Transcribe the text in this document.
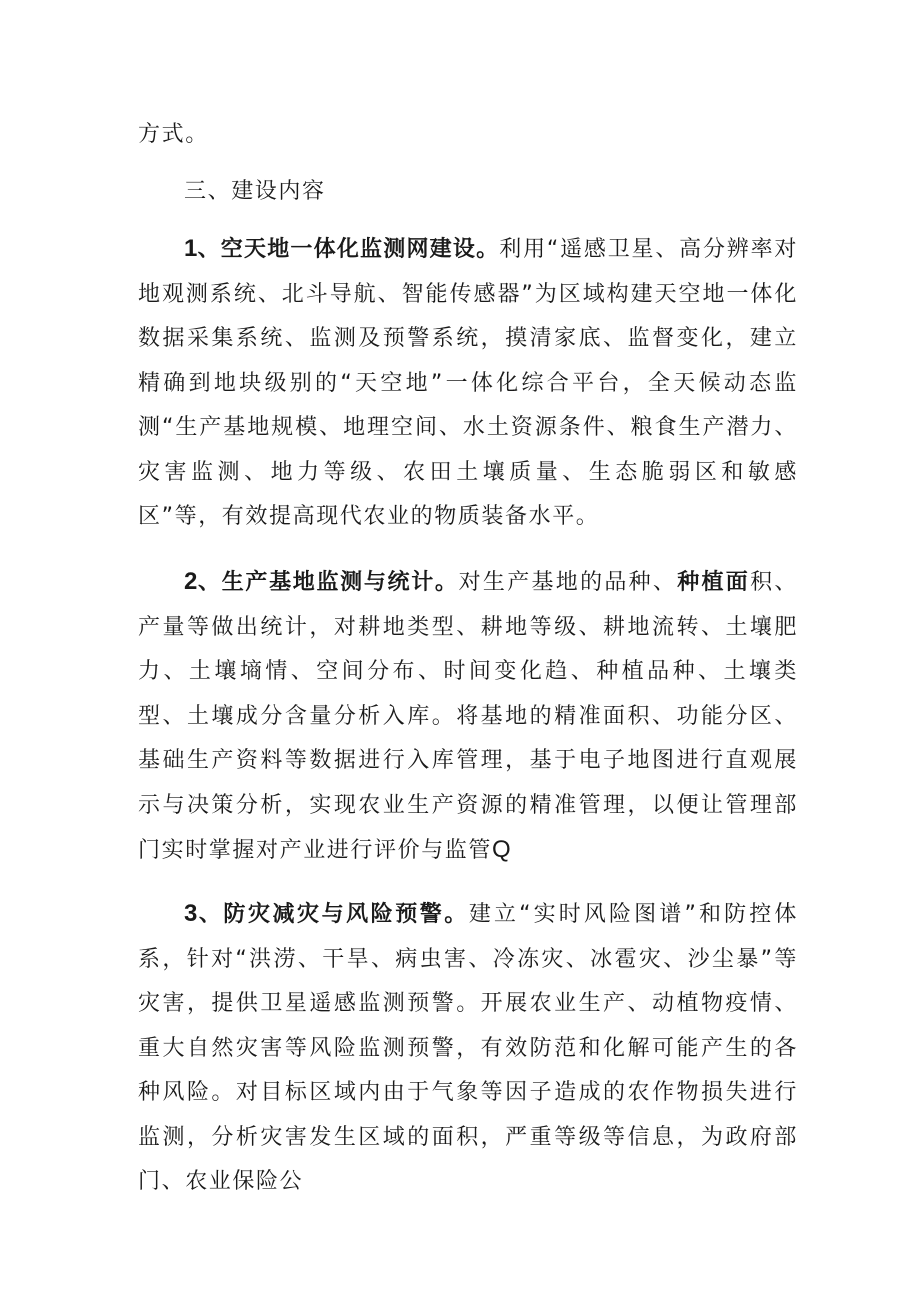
方式。
三、建设内容

1、空天地一体化监测网建设。利用“遥感卫星、高分辨率对地观测系统、北斗导航、智能传感器”为区域构建天空地一体化数据采集系统、监测及预警系统，摸清家底、监督变化，建立精确到地块级别的“天空地”一体化综合平台，全天候动态监测“生产基地规模、地理空间、水土资源条件、粮食生产潜力、灾害监测、地力等级、农田土壤质量、生态脆弱区和敏感区”等，有效提高现代农业的物质装备水平。

2、生产基地监测与统计。对生产基地的品种、种植面积、产量等做出统计，对耕地类型、耕地等级、耕地流转、土壤肥力、土壤墒情、空间分布、时间变化趋、种植品种、土壤类型、土壤成分含量分析入库。将基地的精准面积、功能分区、基础生产资料等数据进行入库管理，基于电子地图进行直观展示与决策分析，实现农业生产资源的精准管理，以便让管理部门实时掌握对产业进行评价与监管Q

3、防灾减灾与风险预警。建立“实时风险图谱”和防控体系，针对“洪涝、干旱、病虫害、冷冻灾、冰雹灾、沙尘暴”等灾害，提供卫星遥感监测预警。开展农业生产、动植物疫情、重大自然灾害等风险监测预警，有效防范和化解可能产生的各种风险。对目标区域内由于气象等因子造成的农作物损失进行监测，分析灾害发生区域的面积，严重等级等信息，为政府部门、农业保险公
